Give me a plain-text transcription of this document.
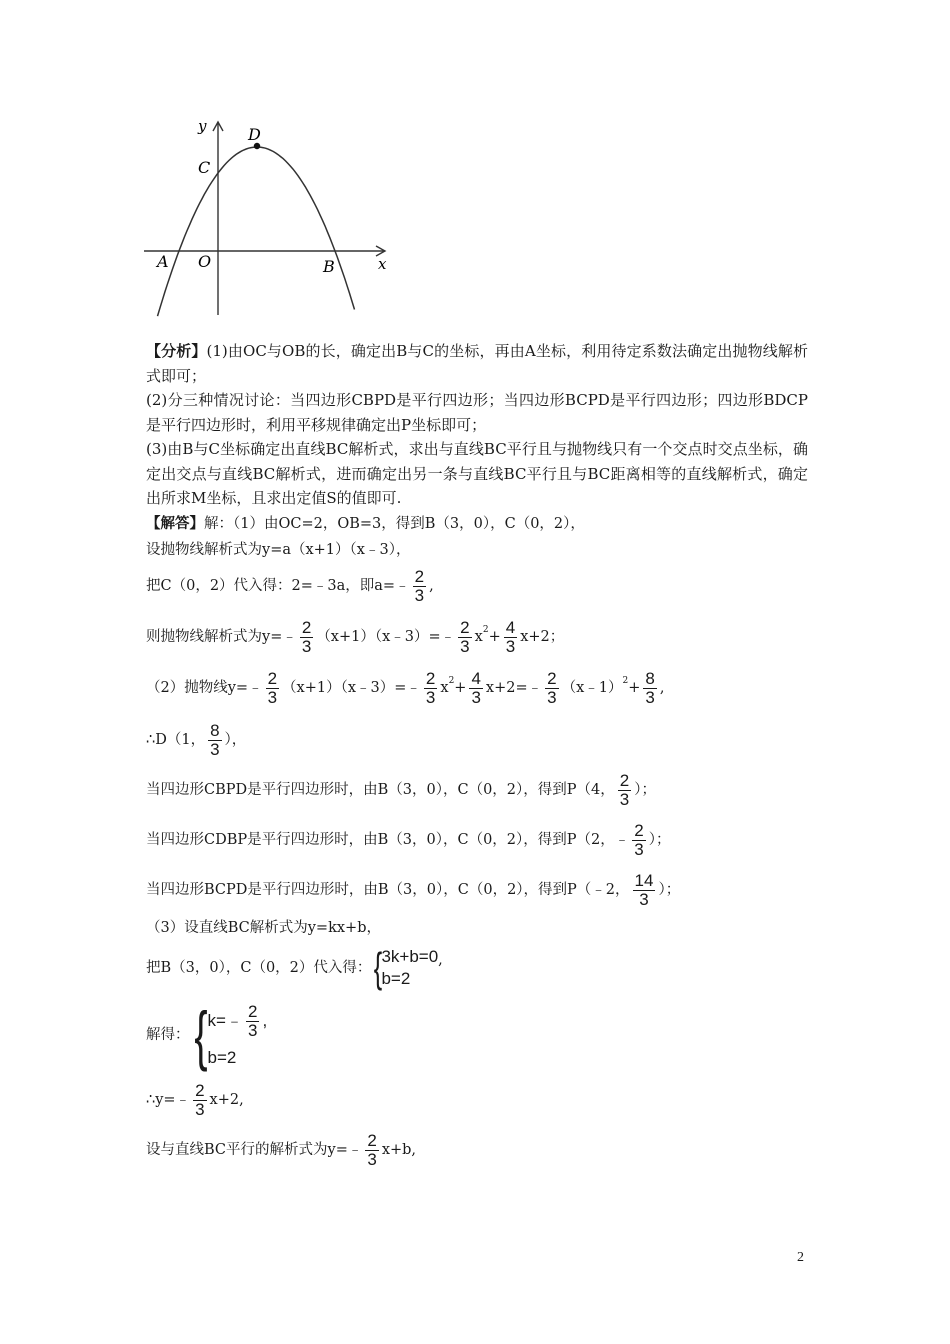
y	D
C
A O	B	x
【分析】(1)由OC与OB的长，确定出B与C的坐标，再由A坐标，利用待定系数法确定出抛物线解析式即可；
(2)分三种情况讨论：当四边形CBPD是平行四边形；当四边形BCPD是平行四边形；四边形BDCP是平行四边形时，利用平移规律确定出P坐标即可；
(3)由B与C坐标确定出直线BC解析式，求出与直线BC平行且与抛物线只有一个交点时交点坐标，确定出交点与直线BC解析式，进而确定出另一条与直线BC平行且与BC距离相等的直线解析式，确定出所求M坐标，且求出定值S的值即可.
【解答】 解：（1）由OC=2，OB=3，得到B（3，0），C（0，2），
设抛物线解析式为y=a（x+1）（x﹣3），
把C（0，2）代入得：2=﹣3a，即a=﹣ $\frac{2}{3}$ ,
则抛物线解析式为y=﹣ $\frac{2}{3}$ （x+1）（x﹣3）=﹣ $\frac{2}{3}$ x $2 + \frac{4}{3} x+2$；
（2）抛物线y=﹣ $\frac{2}{3}$ （x+1）（x﹣3）=﹣ $\frac{2}{3}$ x $2 + \frac{4}{3}$ x+2=﹣ $\frac{2}{3}$ （x﹣1） $2 + \frac{8}{3}$ ,
∴D（1， $\frac{8}{3}$ ），
当四边形CBPD是平行四边形时，由B（3，0），C（0，2），得到P（4， $\frac{2}{3}$ ）；
当四边形CDBP是平行四边形时，由B（3，0），C（0，2），得到P（2，﹣ $\frac{2}{3}$ ）；
当四边形BCPD是平行四边形时，由B（3，0），C（0，2），得到P（﹣2， $\frac{14}{3}$ ）；
（3）设直线BC解析式为y=kx+b，
把B（3，0），C（0，2）代入得： {
3k+b=0
b=2
,
解得： { k=﹣ $\frac{2}{3}$ ,
b=2
∴y=﹣ $\frac{2}{3} x+2$,
设与直线BC平行的解析式为y=﹣ $\frac{2}{3} x+b$,
2
